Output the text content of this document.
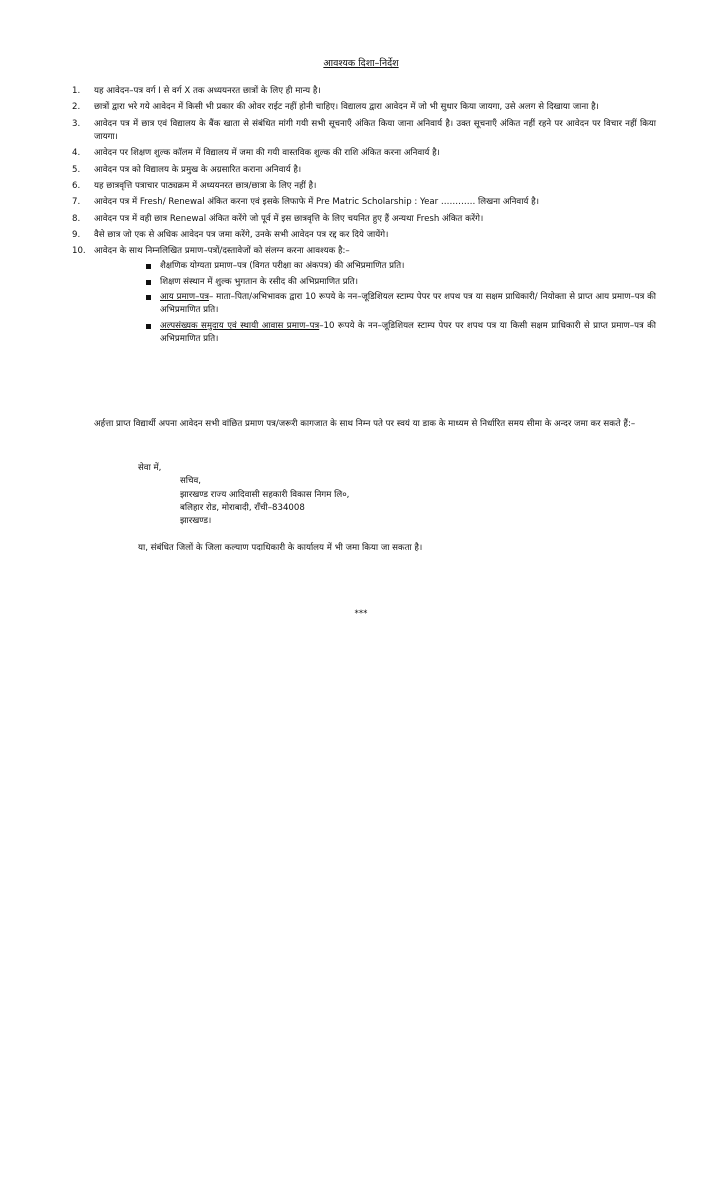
आवश्यक दिशा–निर्देश
1. यह आवेदन–पत्र वर्ग I से वर्ग X तक अध्ययनरत छात्रों के लिए ही मान्य है।
2. छात्रों द्वारा भरे गये आवेदन में किसी भी प्रकार की ओवर राईट नहीं होनी चाहिए। विद्यालय द्वारा आवेदन में जो भी सुधार किया जायगा, उसे अलग से दिखाया जाना है।
3. आवेदन पत्र में छात्र एवं विद्यालय के बैंक खाता से संबंधित मांगी गयी सभी सूचनाएँ अंकित किया जाना अनिवार्य है। उक्त सूचनाएँ अंकित नहीं रहने पर आवेदन पर विचार नहीं किया जायगा।
4. आवेदन पर शिक्षण शुल्क कॉलम में विद्यालय में जमा की गयी वास्तविक शुल्क की राशि अंकित करना अनिवार्य है।
5. आवेदन पत्र को विद्यालय के प्रमुख के अग्रसारित कराना अनिवार्य है।
6. यह छात्रवृत्ति पत्राचार पाठ्यक्रम में अध्ययनरत छात्र/छात्रा के लिए नहीं है।
7. आवेदन पत्र में Fresh/ Renewal अंकित करना एवं इसके लिफाफे में Pre Matric Scholarship : Year ………… लिखना अनिवार्य है।
8. आवेदन पत्र में वही छात्र Renewal अंकित करेंगे जो पूर्व में इस छात्रवृत्ति के लिए चयनित हुए हैं अन्यथा Fresh अंकित करेंगे।
9. वैसे छात्र जो एक से अधिक आवेदन पत्र जमा करेंगे, उनके सभी आवेदन पत्र रद्द कर दिये जायेंगे।
10. आवेदन के साथ निम्नलिखित प्रमाण–पत्रों/दस्तावेजों को संलग्न करना आवश्यक है:–
शैक्षणिक योग्यता प्रमाण–पत्र (विगत परीक्षा का अंकपत्र) की अभिप्रमाणित प्रति।
शिक्षण संस्थान में शुल्क भुगतान के रसीद की अभिप्रमाणित प्रति।
आय प्रमाण–पत्र– माता–पिता/अभिभावक द्वारा 10 रूपये के नन–जूडिशियल स्टाम्प पेपर पर शपथ पत्र या सक्षम प्राधिकारी/ नियोक्ता से प्राप्त आय प्रमाण–पत्र की अभिप्रमाणित प्रति।
अल्पसंख्यक समुदाय एवं स्थायी आवास प्रमाण–पत्र–10 रूपये के नन–जूडिशियल स्टाम्प पेपर पर शपथ पत्र या किसी सक्षम प्राधिकारी से प्राप्त प्रमाण–पत्र की अभिप्रमाणित प्रति।

अर्हत्ता प्राप्त विद्यार्थी अपना आवेदन सभी वांछित प्रमाण पत्र/जरूरी कागजात के साथ निम्न पते पर स्वयं या डाक के माध्यम से निर्धारित समय सीमा के अन्दर जमा कर सकते हैं:–

सेवा में,
सचिव,
झारखण्ड राज्य आदिवासी सहकारी विकास निगम लि०,
बलिहार रोड, मोराबादी, राँची–834008
झारखण्ड।

या, संबंधित जिलों के जिला कल्याण पदाधिकारी के कार्यालय में भी जमा किया जा सकता है।

***
